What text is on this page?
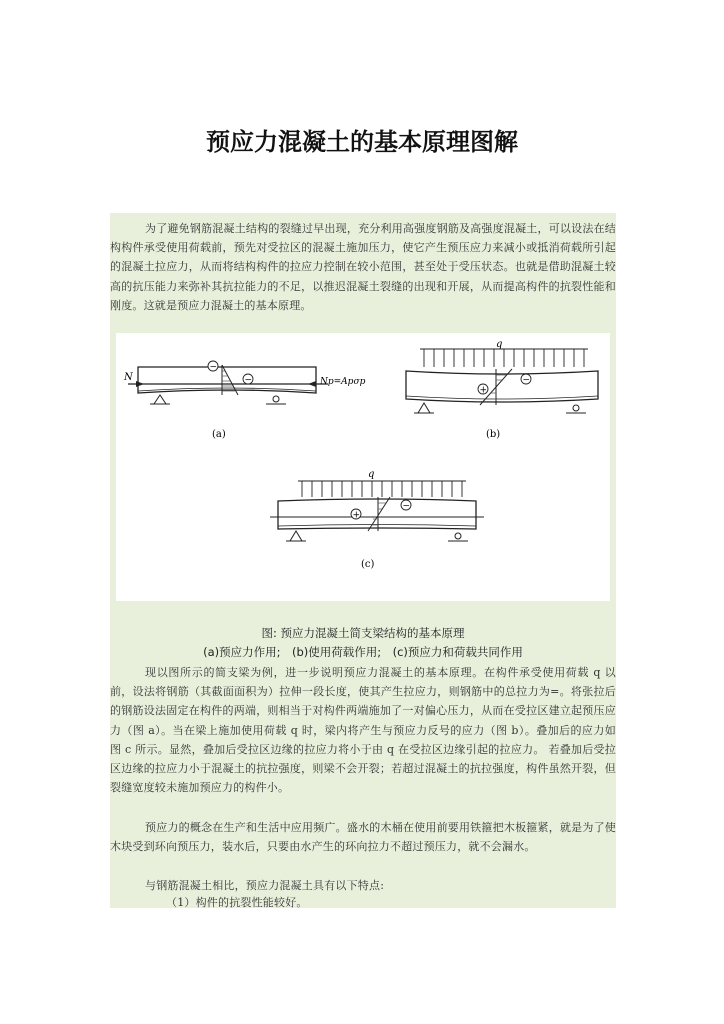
预应力混凝土的基本原理图解

为了避免钢筋混凝土结构的裂缝过早出现，充分利用高强度钢筋及高强度混凝土，可以设法在结构构件承受使用荷载前，预先对受拉区的混凝土施加压力，使它产生预压应力来减小或抵消荷载所引起的混凝土拉应力，从而将结构构件的拉应力控制在较小范围，甚至处于受压状态。也就是借助混凝土较高的抗压能力来弥补其抗拉能力的不足，以推迟混凝土裂缝的出现和开展，从而提高构件的抗裂性能和刚度。这就是预应力混凝土的基本原理。

N	Np=Apσp
−
−
(a)
q
+
−
(b)
q
+
−
(c)
图: 预应力混凝土简支梁结构的基本原理
(a)预应力作用;　(b)使用荷载作用;　(c)预应力和荷载共同作用

现以图所示的简支梁为例，进一步说明预应力混凝土的基本原理。在构件承受使用荷载 q 以前，设法将钢筋（其截面面积为）拉伸一段长度，使其产生拉应力，则钢筋中的总拉力为=。将张拉后的钢筋设法固定在构件的两端，则相当于对构件两端施加了一对偏心压力，从而在受拉区建立起预压应力（图 a）。当在梁上施加使用荷载 q 时，梁内将产生与预应力反号的应力（图 b）。叠加后的应力如图 c 所示。显然，叠加后受拉区边缘的拉应力将小于由 q 在受拉区边缘引起的拉应力。 若叠加后受拉区边缘的拉应力小于混凝土的抗拉强度，则梁不会开裂；若超过混凝土的抗拉强度，构件虽然开裂，但裂缝宽度较未施加预应力的构件小。

预应力的概念在生产和生活中应用频广。盛水的木桶在使用前要用铁箍把木板箍紧，就是为了使木块受到环向预压力，装水后，只要由水产生的环向拉力不超过预压力，就不会漏水。

与钢筋混凝土相比，预应力混凝土具有以下特点:

（1）构件的抗裂性能较好。
